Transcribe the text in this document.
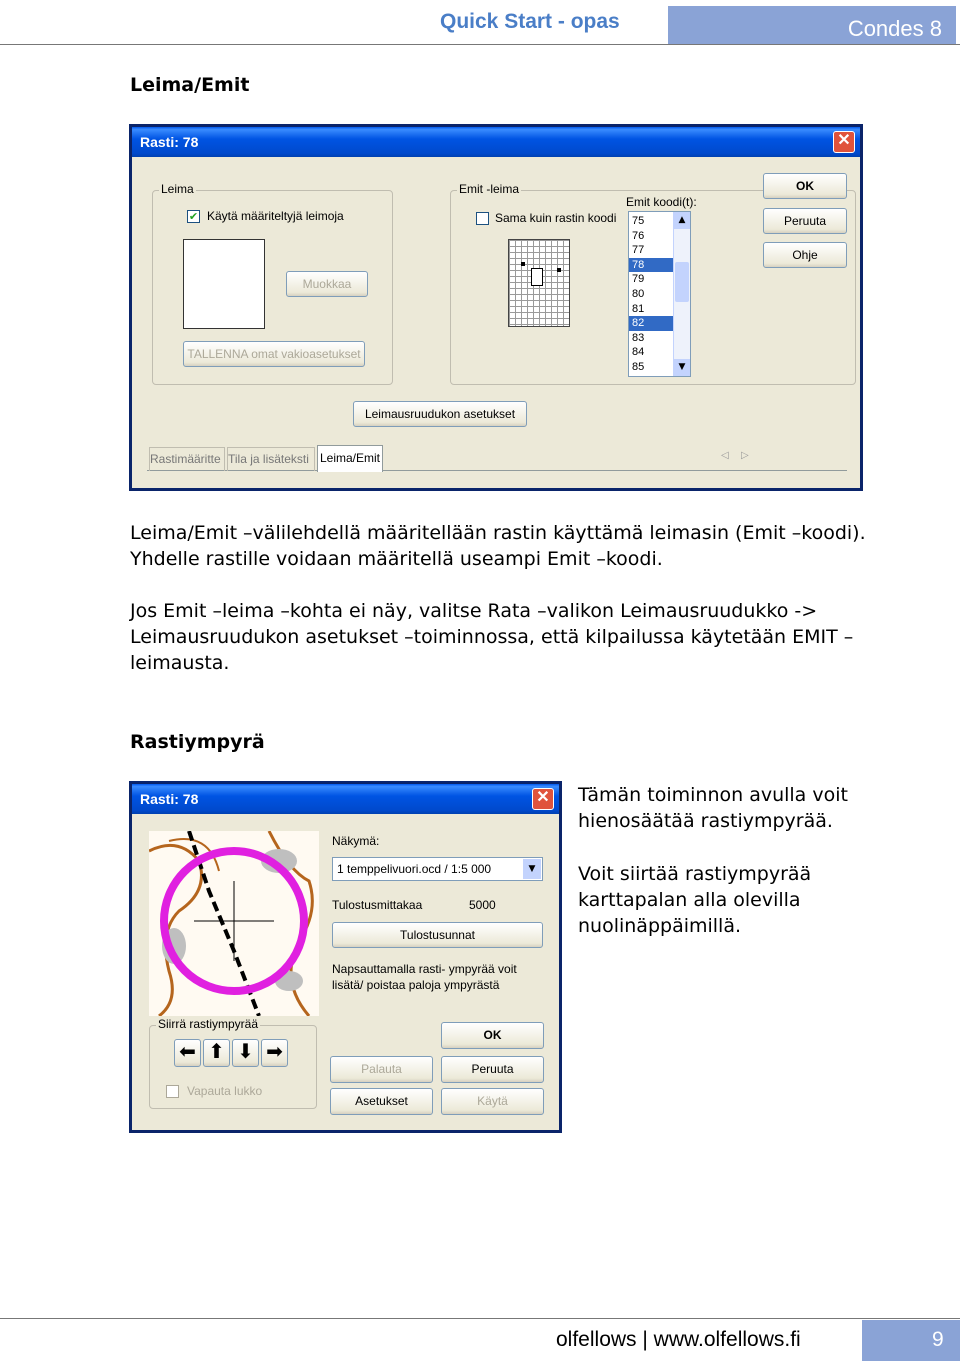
Quick Start - opas	Condes 8
Leima/Emit
Rasti: 78	✕
Leima
✔ Käytä määriteltyjä leimoja
Muokkaa
TALLENNA omat vakioasetukset
Emit -leima
Sama kuin rastin koodi
Emit koodi(t):
75
76
77
78
79
80
81
82
83
84
85
▲
▼
OK
Peruuta
Ohje
Leimausruudukon asetukset
Rastimääritte Tila ja lisäteksti Leima/Emit	◁ ▷
Leima/Emit –välilehdellä määritellään rastin käyttämä leimasin (Emit –koodi). Yhdelle rastille voidaan määritellä useampi Emit –koodi.
Jos Emit –leima –kohta ei näy, valitse Rata –valikon Leimausruudukko -> Leimausruudukon asetukset –toiminnossa, että kilpailussa käytetään EMIT –leimausta.
Rastiympyrä
Rasti: 78	✕
Näkymä:
1 temppelivuori.ocd / 1:5 000	▼
Tulostusmittakaa	5000
Tulostusunnat
Napsauttamalla rasti- ympyrää voit lisätä/ poistaa paloja ympyrästä
Siirrä rastiympyrää
⬅ ⬆ ⬇ ➡
Vapauta lukko
OK
Palauta	Peruuta
Asetukset	Käytä
Tämän toiminnon avulla voit hienosäätää rastiympyrää.
Voit siirtää rastiympyrää karttapalan alla olevilla nuolinäppäimillä.
olfellows | www.olfellows.fi	9
